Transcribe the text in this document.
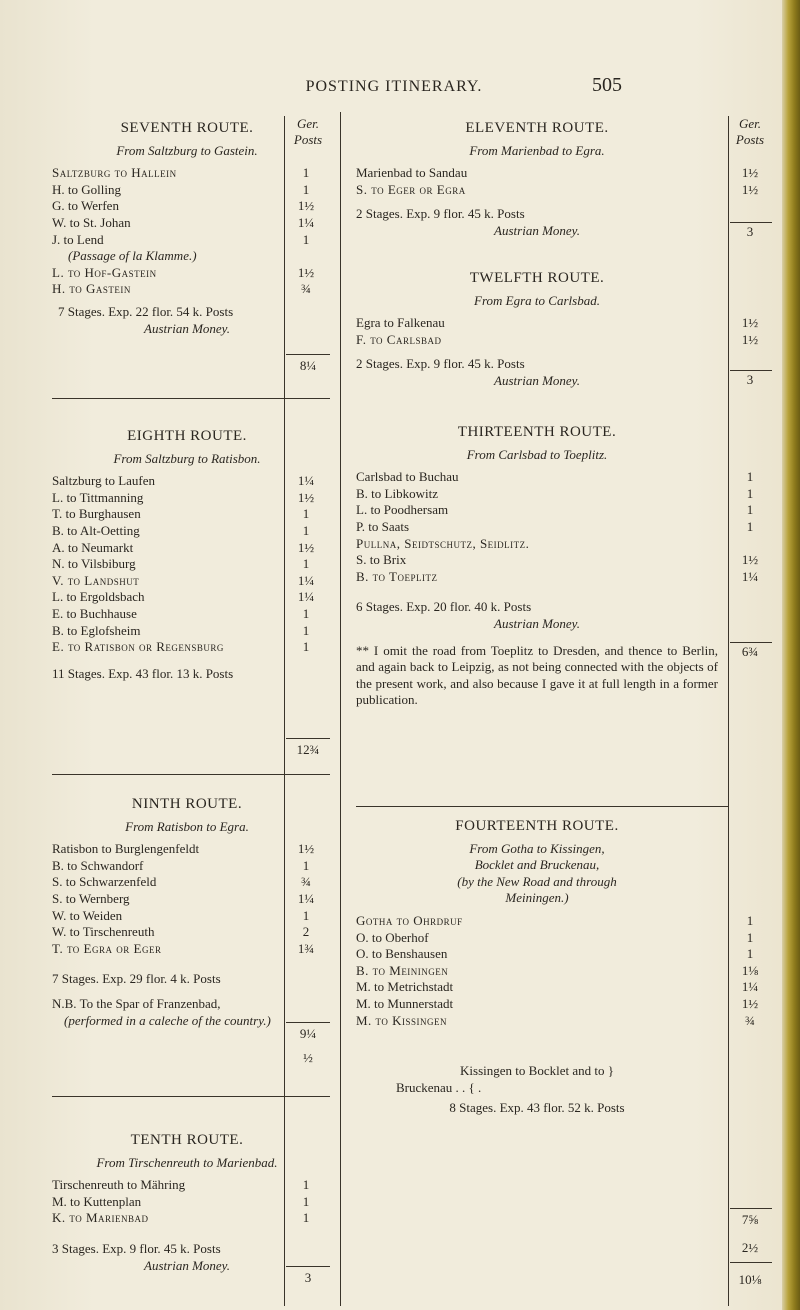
POSTING ITINERARY.	505
Ger. Posts
SEVENTH ROUTE.
From Saltzburg to Gastein.
Saltzburg to Hallein	1
H. to Golling	1
G. to Werfen	1½
W. to St. Johan	1¼
J. to Lend	1
(Passage of la Klamme.)
L. to Hof-Gastein	1½
H. to Gastein	¾
7 Stages. Exp. 22 flor. 54 k. Posts
Austrian Money.
8¼
EIGHTH ROUTE.
From Saltzburg to Ratisbon.
Saltzburg to Laufen	1¼
L. to Tittmanning	1½
T. to Burghausen	1
B. to Alt-Oetting	1
A. to Neumarkt	1½
N. to Vilsbiburg	1
V. to Landshut	1¼
L. to Ergoldsbach	1¼
E. to Buchhause	1
B. to Eglofsheim	1
E. to Ratisbon or Regensburg	1
11 Stages. Exp. 43 flor. 13 k. Posts
12¾
NINTH ROUTE.
From Ratisbon to Egra.
Ratisbon to Burglengenfeldt	1½
B. to Schwandorf	1
S. to Schwarzenfeld	¾
S. to Wernberg	1¼
W. to Weiden	1
W. to Tirschenreuth	2
T. to Egra or Eger	1¾
7 Stages. Exp. 29 flor. 4 k. Posts
N.B. To the Spar of Franzenbad,
(performed in a caleche of the country.)
9¼
½
TENTH ROUTE.
From Tirschenreuth to Marienbad.
Tirschenreuth to Mähring	1
M. to Kuttenplan	1
K. to Marienbad	1
3 Stages. Exp. 9 flor. 45 k. Posts
Austrian Money.
3
Ger. Posts
ELEVENTH ROUTE.
From Marienbad to Egra.
Marienbad to Sandau	1½
S. to Eger or Egra	1½
2 Stages. Exp. 9 flor. 45 k. Posts
Austrian Money.	3
TWELFTH ROUTE.
From Egra to Carlsbad.
Egra to Falkenau	1½
F. to Carlsbad	1½
2 Stages. Exp. 9 flor. 45 k. Posts
Austrian Money.	3
THIRTEENTH ROUTE.
From Carlsbad to Toeplitz.
Carlsbad to Buchau	1
B. to Libkowitz	1
L. to Poodhersam	1
P. to Saats	1
Pullna, Seidtschutz, Seidlitz.
S. to Brix	1½
B. to Toeplitz	1¼
6 Stages. Exp. 20 flor. 40 k. Posts
Austrian Money.
** I omit the road from Toeplitz to Dresden, and thence to Berlin, and again back to Leipzig, as not being connected with the objects of the present work, and also because I gave it at full length in a former publication.
6¾
FOURTEENTH ROUTE.
From Gotha to Kissingen,
Bocklet and Bruckenau,
(by the New Road and through
Meiningen.)
Gotha to Ohrdruf	1
O. to Oberhof	1
O. to Benshausen	1
B. to Meiningen	1⅛
M. to Metrichstadt	1¼
M. to Munnerstadt	1½
M. to Kissingen	¾
Kissingen to Bocklet and to }
Bruckenau . . { .
8 Stages. Exp. 43 flor. 52 k. Posts
7⅝
2½
10⅛
